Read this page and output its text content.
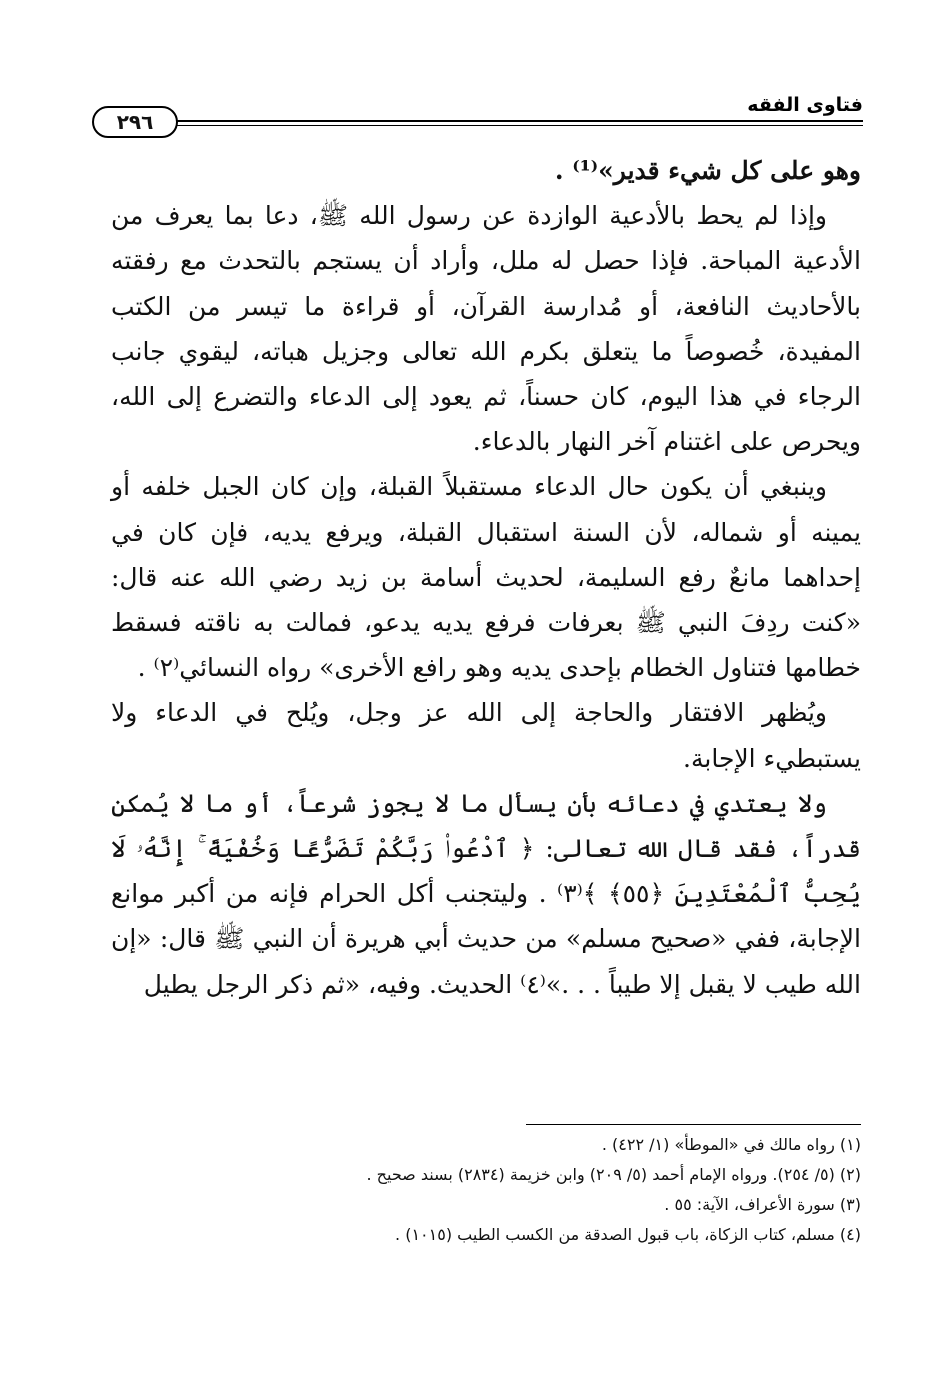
فتاوى الفقه
٢٩٦

وهو على كل شيء قدير»⁽¹⁾ .

وإذا لم يحط بالأدعية الوازدة عن رسول الله ﷺ، دعا بما يعرف من الأدعية المباحة. فإذا حصل له ملل، وأراد أن يستجم بالتحدث مع رفقته بالأحاديث النافعة، أو مُدارسة القرآن، أو قراءة ما تيسر من الكتب المفيدة، خُصوصاً ما يتعلق بكرم الله تعالى وجزيل هباته، ليقوي جانب الرجاء في هذا اليوم، كان حسناً، ثم يعود إلى الدعاء والتضرع إلى الله، ويحرص على اغتنام آخر النهار بالدعاء.

وينبغي أن يكون حال الدعاء مستقبلاً القبلة، وإن كان الجبل خلفه أو يمينه أو شماله، لأن السنة استقبال القبلة، ويرفع يديه، فإن كان في إحداهما مانعٌ رفع السليمة، لحديث أسامة بن زيد رضي الله عنه قال: «كنت ردِفَ النبي ﷺ بعرفات فرفع يديه يدعو، فمالت به ناقته فسقط خطامها فتناول الخطام بإحدى يديه وهو رافع الأخرى» رواه النسائي⁽٢⁾ .

ويُظهر الافتقار والحاجة إلى الله عز وجل، ويُلح في الدعاء ولا يستبطيء الإجابة.

ولا يعتدي في دعائه بأن يسأل ما لا يجوز شرعاً، أو ما لا يُمكن قدراً، فقد قال الله تعالى: ﴿ ٱدْعُوا۟ رَبَّكُمْ تَضَرُّعًا وَخُفْيَةً ۚ إِنَّهُۥ لَا يُحِبُّ ٱلْمُعْتَدِينَ ﴿٥٥﴾ ﴾⁽٣⁾ . وليتجنب أكل الحرام فإنه من أكبر موانع الإجابة، ففي «صحيح مسلم» من حديث أبي هريرة أن النبي ﷺ قال: «إن الله طيب لا يقبل إلا طيباً . . .»⁽٤⁾ الحديث. وفيه، «ثم ذكر الرجل يطيل

(١) رواه مالك في «الموطأ» (١/ ٤٢٢) .

(٢) (٥/ ٢٥٤). ورواه الإمام أحمد (٥/ ٢٠٩) وابن خزيمة (٢٨٣٤) بسند صحيح .

(٣) سورة الأعراف، الآية: ٥٥ .

(٤) مسلم، كتاب الزكاة، باب قبول الصدقة من الكسب الطيب (١٠١٥) .
